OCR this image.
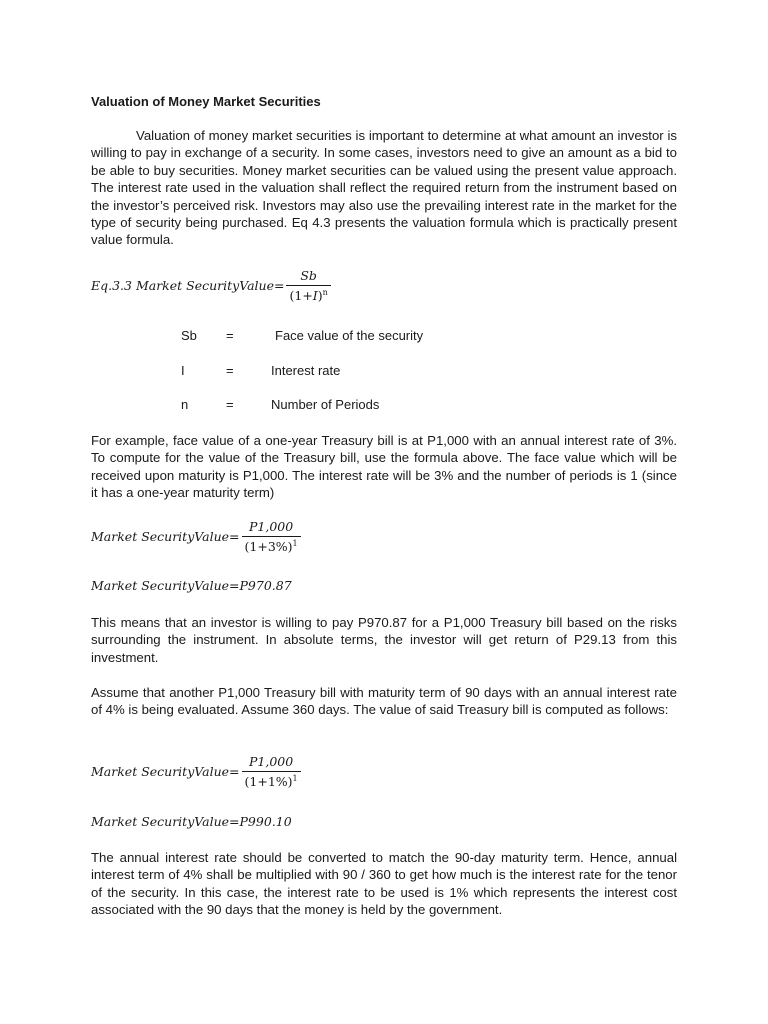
Valuation of Money Market Securities

Valuation of money market securities is important to determine at what amount an investor is willing to pay in exchange of a security. In some cases, investors need to give an amount as a bid to be able to buy securities. Money market securities can be valued using the present value approach. The interest rate used in the valuation shall reflect the required return from the instrument based on the investor’s perceived risk. Investors may also use the prevailing interest rate in the market for the type of security being purchased. Eq 4.3 presents the valuation formula which is practically present value formula.

Eq.3.3 Market SecurityValue= $\frac{Sb}{(1+I)^n}$
Sb =	Face value of the security
I	=	Interest rate
n	=	Number of Periods

For example, face value of a one-year Treasury bill is at P1,000 with an annual interest rate of 3%. To compute for the value of the Treasury bill, use the formula above. The face value which will be received upon maturity is P1,000. The interest rate will be 3% and the number of periods is 1 (since it has a one-year maturity term)

Market SecurityValue= $\frac{P1,000}{(1+3\%)^1}$
Market SecurityValue=P970.87

This means that an investor is willing to pay P970.87 for a P1,000 Treasury bill based on the risks surrounding the instrument. In absolute terms, the investor will get return of P29.13 from this investment.

Assume that another P1,000 Treasury bill with maturity term of 90 days with an annual interest rate of 4% is being evaluated. Assume 360 days. The value of said Treasury bill is computed as follows:

Market SecurityValue= $\frac{P1,000}{(1+1\%)^1}$
Market SecurityValue=P990.10

The annual interest rate should be converted to match the 90-day maturity term. Hence, annual interest term of 4% shall be multiplied with 90 / 360 to get how much is the interest rate for the tenor of the security. In this case, the interest rate to be used is 1% which represents the interest cost associated with the 90 days that the money is held by the government.
